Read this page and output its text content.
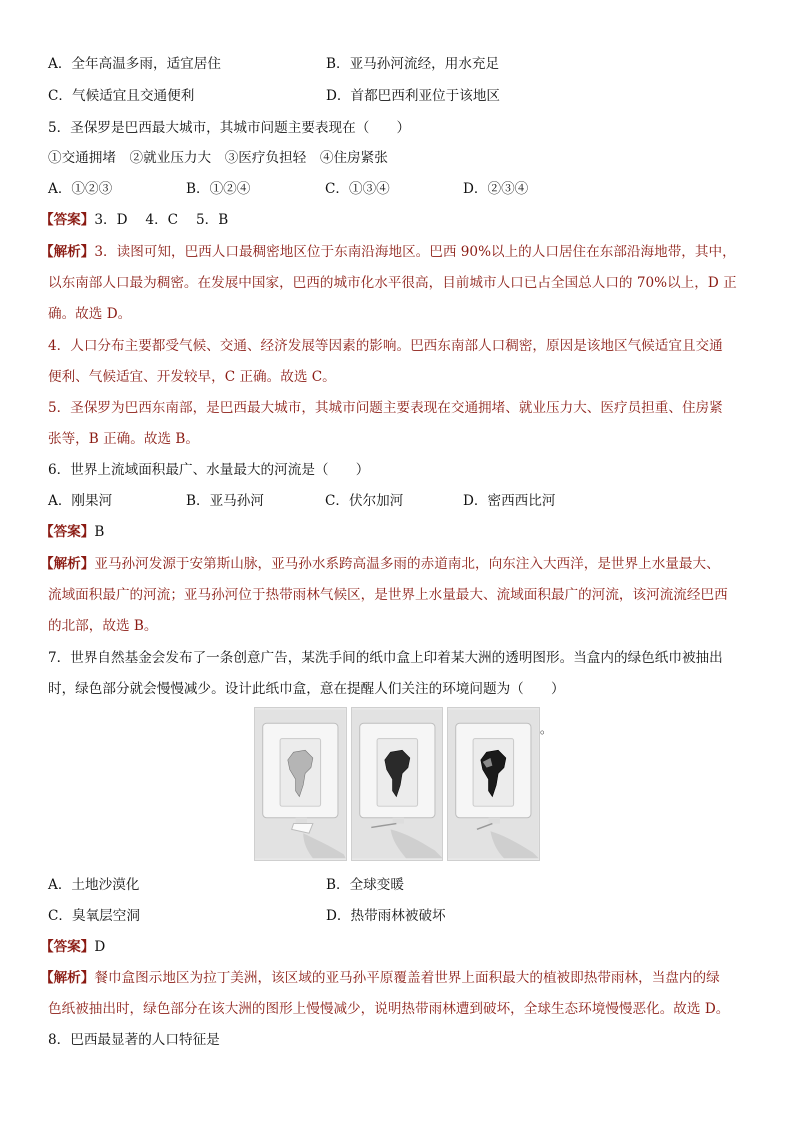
A．全年高温多雨，适宜居住	B．亚马孙河流经，用水充足
C．气候适宜且交通便利	D．首都巴西利亚位于该地区
5．圣保罗是巴西最大城市，其城市问题主要表现在（　　）
①交通拥堵　②就业压力大　③医疗负担轻　④住房紧张
A．①②③	B．①②④	C．①③④	D．②③④
【答案】3．D　 4．C　 5．B
【解析】3．读图可知，巴西人口最稠密地区位于东南沿海地区。巴西 90%以上的人口居住在东部沿海地带，其中，
以东南部人口最为稠密。在发展中国家，巴西的城市化水平很高，目前城市人口已占全国总人口的 70%以上，D 正
确。故选 D。
4．人口分布主要都受气候、交通、经济发展等因素的影响。巴西东南部人口稠密，原因是该地区气候适宜且交通
便利、气候适宜、开发较早，C 正确。故选 C。
5．圣保罗为巴西东南部，是巴西最大城市，其城市问题主要表现在交通拥堵、就业压力大、医疗员担重、住房紧
张等，B 正确。故选 B。
6．世界上流域面积最广、水量最大的河流是（　　）
A．刚果河	B．亚马孙河	C．伏尔加河	D．密西西比河
【答案】B
【解析】亚马孙河发源于安第斯山脉，亚马孙水系跨高温多雨的赤道南北，向东注入大西洋，是世界上水量最大、
流域面积最广的河流；亚马孙河位于热带雨林气候区，是世界上水量最大、流域面积最广的河流，该河流流经巴西
的北部，故选 B。
7．世界自然基金会发布了一条创意广告，某洗手间的纸巾盒上印着某大洲的透明图形。当盒内的绿色纸巾被抽出
时，绿色部分就会慢慢减少。设计此纸巾盒，意在提醒人们关注的环境问题为（　　）
。
A．土地沙漠化	B．全球变暖
C．臭氧层空洞	D．热带雨林被破坏
【答案】D
【解析】餐巾盒图示地区为拉丁美洲，该区域的亚马孙平原覆盖着世界上面积最大的植被即热带雨林，当盘内的绿
色纸被抽出时，绿色部分在该大洲的图形上慢慢减少，说明热带雨林遭到破坏，全球生态环境慢慢恶化。故选 D。
8．巴西最显著的人口特征是
